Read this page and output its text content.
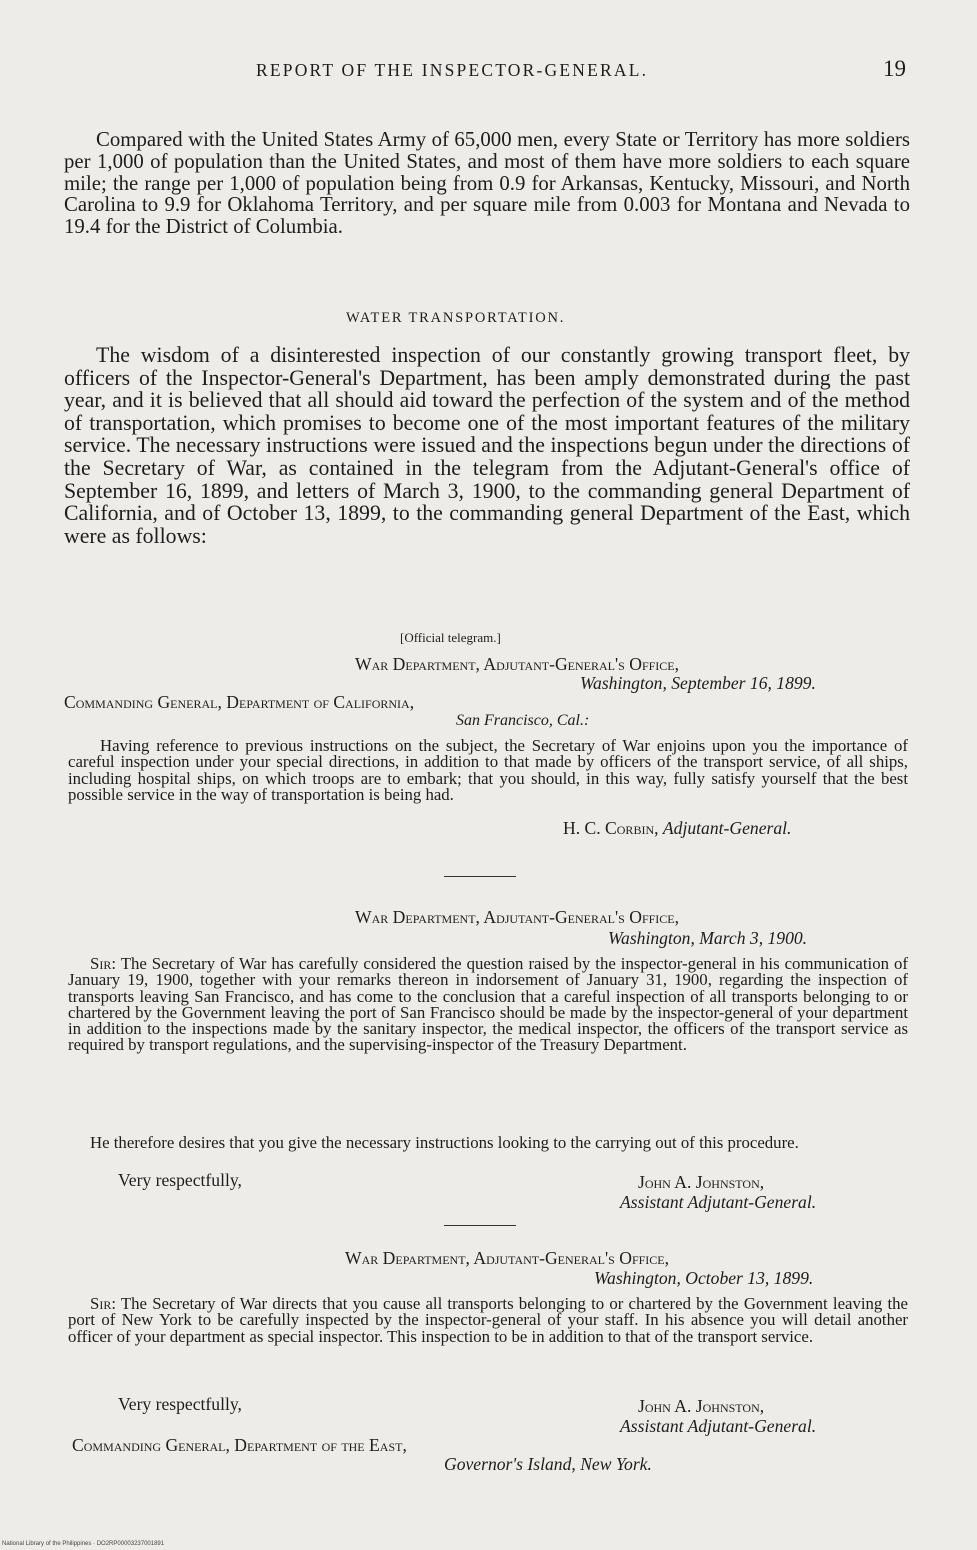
REPORT OF THE INSPECTOR-GENERAL.	19

Compared with the United States Army of 65,000 men, every State or Territory has more soldiers per 1,000 of population than the United States, and most of them have more soldiers to each square mile; the range per 1,000 of population being from 0.9 for Arkansas, Kentucky, Missouri, and North Carolina to 9.9 for Oklahoma Territory, and per square mile from 0.003 for Montana and Nevada to 19.4 for the District of Columbia.

WATER TRANSPORTATION.

The wisdom of a disinterested inspection of our constantly growing transport fleet, by officers of the Inspector-General's Department, has been amply demonstrated during the past year, and it is believed that all should aid toward the perfection of the system and of the method of transportation, which promises to become one of the most important features of the military service. The necessary instructions were issued and the inspections begun under the directions of the Secretary of War, as contained in the telegram from the Adjutant-General's office of September 16, 1899, and letters of March 3, 1900, to the commanding general Department of California, and of October 13, 1899, to the commanding general Department of the East, which were as follows:

[Official telegram.]
War Department, Adjutant-General's Office,
Washington, September 16, 1899.
Commanding General, Department of California,
San Francisco, Cal.:

Having reference to previous instructions on the subject, the Secretary of War enjoins upon you the importance of careful inspection under your special directions, in addition to that made by officers of the transport service, of all ships, including hospital ships, on which troops are to embark; that you should, in this way, fully satisfy yourself that the best possible service in the way of transportation is being had.

H. C. Corbin, Adjutant-General.
War Department, Adjutant-General's Office,
Washington, March 3, 1900.

Sir: The Secretary of War has carefully considered the question raised by the inspector-general in his communication of January 19, 1900, together with your remarks thereon in indorsement of January 31, 1900, regarding the inspection of transports leaving San Francisco, and has come to the conclusion that a careful inspection of all transports belonging to or chartered by the Government leaving the port of San Francisco should be made by the inspector-general of your department in addition to the inspections made by the sanitary inspector, the medical inspector, the officers of the transport service as required by transport regulations, and the supervising-inspector of the Treasury Department.

He therefore desires that you give the necessary instructions looking to the carrying out of this procedure.

Very respectfully,	John A. Johnston,
Assistant Adjutant-General.
War Department, Adjutant-General's Office,
Washington, October 13, 1899.

Sir: The Secretary of War directs that you cause all transports belonging to or chartered by the Government leaving the port of New York to be carefully inspected by the inspector-general of your staff. In his absence you will detail another officer of your department as special inspector. This inspection to be in addition to that of the transport service.

Very respectfully,	John A. Johnston,
Assistant Adjutant-General.
Commanding General, Department of the East,
Governor's Island, New York.
National Library of the Philippines · DO2RP00003237001891
